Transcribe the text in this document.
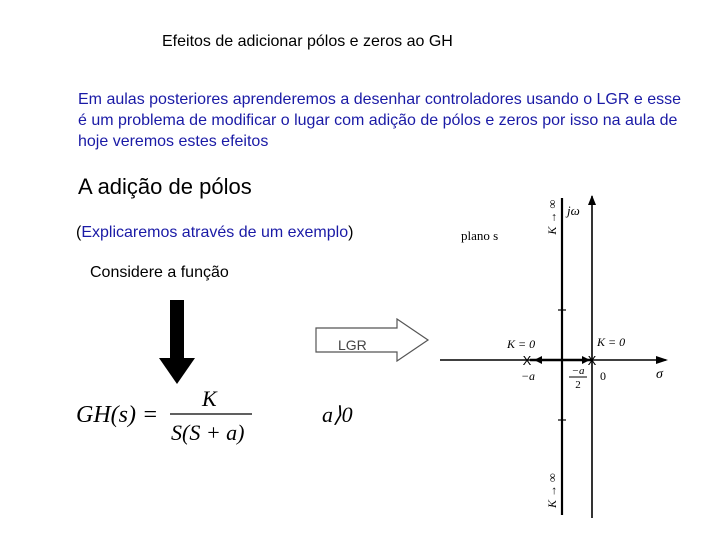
Efeitos de adicionar pólos e zeros ao GH
Em aulas posteriores aprenderemos a desenhar controladores usando o LGR e esse é um problema de modificar o lugar com adição de pólos e zeros por isso na aula de hoje veremos estes efeitos
A adição de pólos
(Explicaremos através de um exemplo)
Considere a função
GH(s) =
K
S(S + a)
a⟩0
LGR
plano s
jω
σ
K → ∞
K → ∞
K = 0	K = 0
X	X
−a	0
−a
2
